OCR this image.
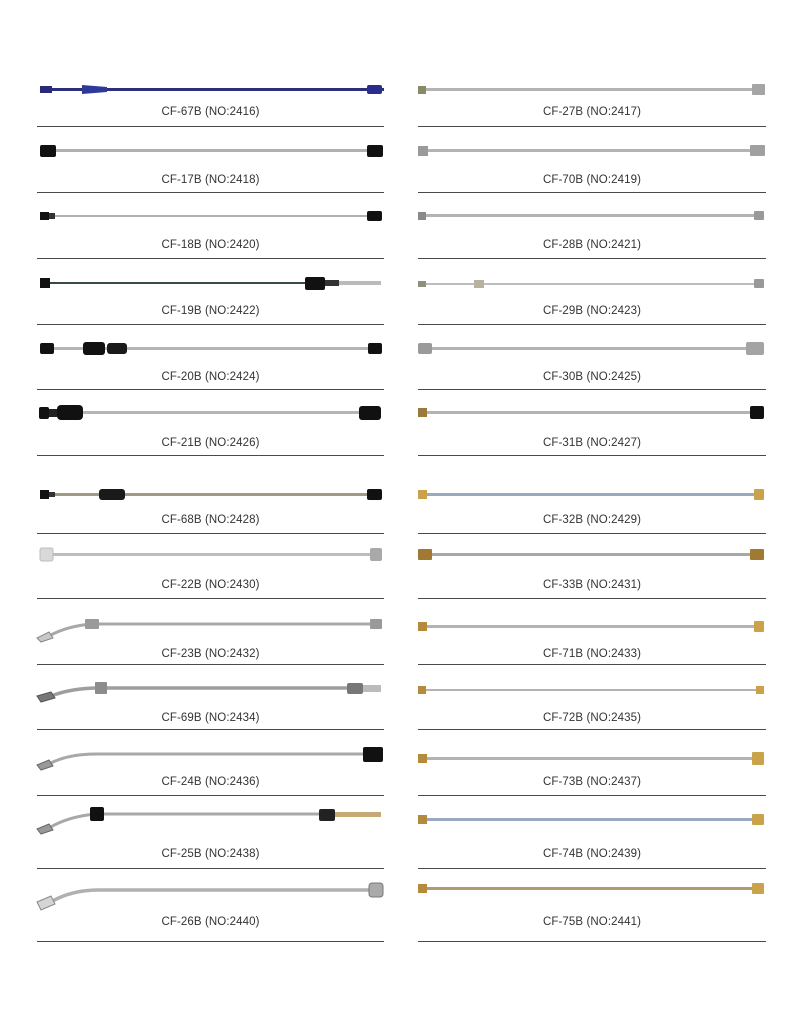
CF-67B (NO:2416)
CF-17B (NO:2418)
CF-18B (NO:2420)
CF-19B (NO:2422)
CF-20B (NO:2424)
CF-21B (NO:2426)
CF-68B (NO:2428)
CF-22B (NO:2430)
CF-23B (NO:2432)
CF-69B (NO:2434)
CF-24B (NO:2436)
CF-25B (NO:2438)
CF-26B (NO:2440)
CF-27B (NO:2417)
CF-70B (NO:2419)
CF-28B (NO:2421)
CF-29B (NO:2423)
CF-30B (NO:2425)
CF-31B (NO:2427)
CF-32B (NO:2429)
CF-33B (NO:2431)
CF-71B (NO:2433)
CF-72B (NO:2435)
CF-73B (NO:2437)
CF-74B (NO:2439)
CF-75B (NO:2441)
